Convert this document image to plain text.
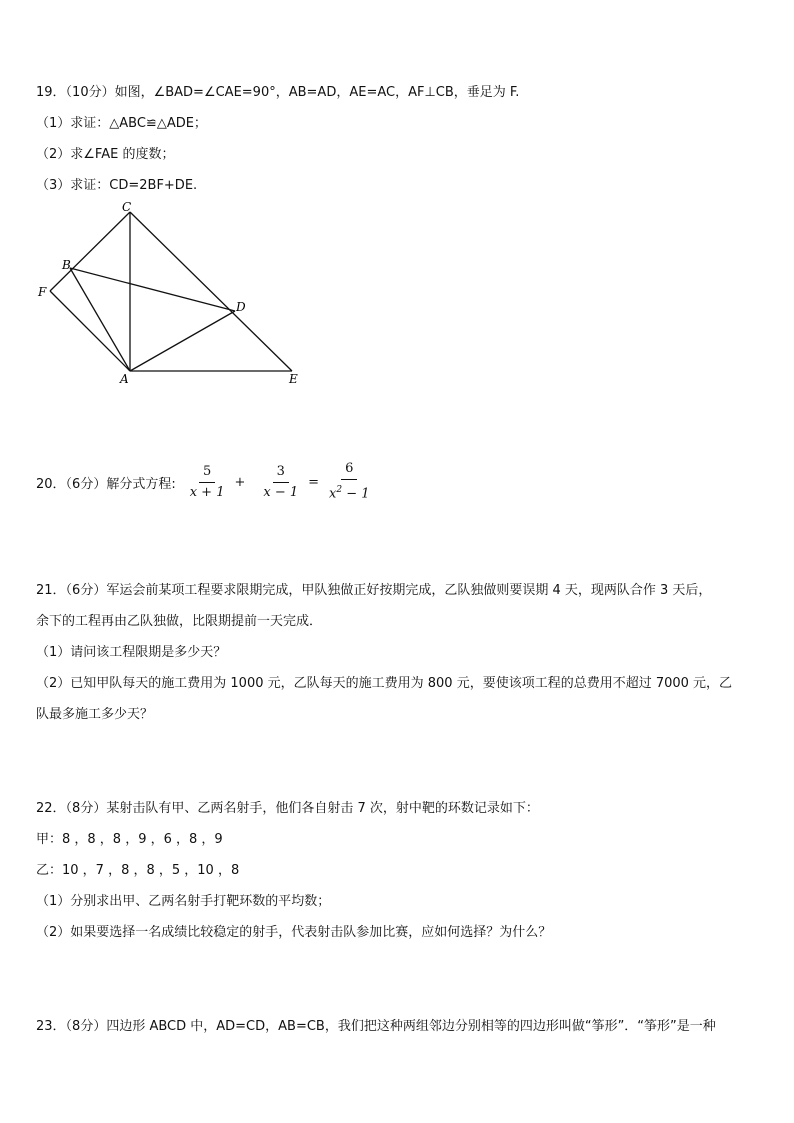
19．（10分）如图，∠BAD=∠CAE=90°，AB=AD，AE=AC，AF⊥CB，垂足为 F.
（1）求证：△ABC≌△ADE；
（2）求∠FAE 的度数；
（3）求证：CD=2BF+DE.
C
B
F
D
A	E
20．（6分）解分式方程: $\frac{5}{x + 1} + \frac{3}{x - 1} = \frac{6}{x^2 - 1}$
21．（6分）军运会前某项工程要求限期完成，甲队独做正好按期完成，乙队独做则要误期 4 天，现两队合作 3 天后，
余下的工程再由乙队独做，比限期提前一天完成．
（1）请问该工程限期是多少天？
（2）已知甲队每天的施工费用为 1000 元，乙队每天的施工费用为 800 元，要使该项工程的总费用不超过 7000 元，乙
队最多施工多少天？
22．（8分）某射击队有甲、乙两名射手，他们各自射击 7 次，射中靶的环数记录如下：
甲：8 ，8 ，8 ，9 ，6 ，8 ，9
乙：10 ，7 ，8 ，8 ，5 ，10 ，8
（1）分别求出甲、乙两名射手打靶环数的平均数；
（2）如果要选择一名成绩比较稳定的射手，代表射击队参加比赛，应如何选择？为什么？
23．（8分）四边形 ABCD 中，AD=CD，AB=CB，我们把这种两组邻边分别相等的四边形叫做“筝形”．“筝形”是一种
